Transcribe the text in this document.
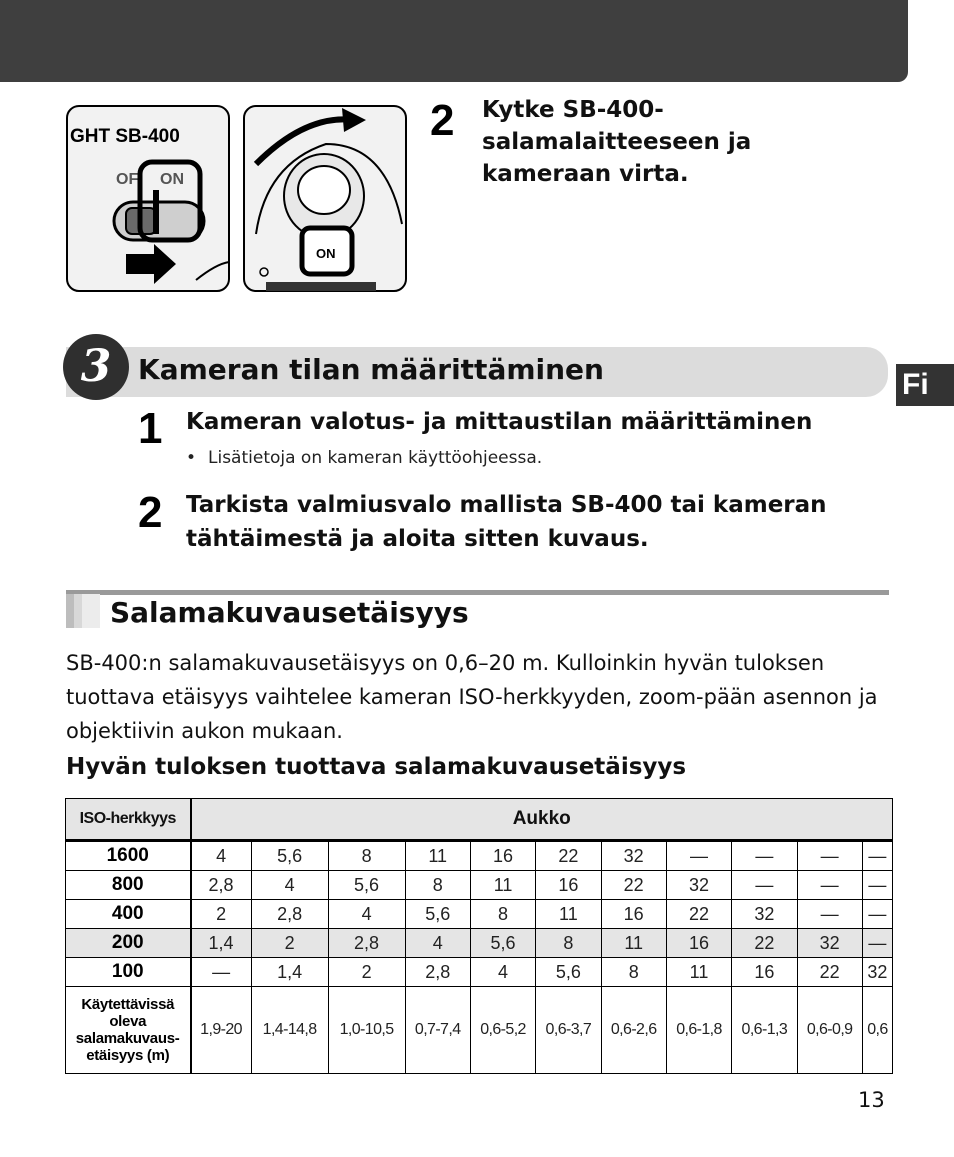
GHT SB-400
OF ON
ON
2 Kytke SB-400-salamalaitteeseen ja kameraan virta.
3 Kameran tilan määrittäminen	Fi
1 Kameran valotus- ja mittaustilan määrittäminen
• Lisätietoja on kameran käyttöohjeessa.
2 Tarkista valmiusvalo mallista SB-400 tai kameran tähtäimestä ja aloita sitten kuvaus.
Salamakuvausetäisyys
SB-400:n salamakuvausetäisyys on 0,6–20 m. Kulloinkin hyvän tuloksen tuottava etäisyys vaihtelee kameran ISO-herkkyyden, zoom-pään asennon ja objektiivin aukon mukaan.
Hyvän tuloksen tuottava salamakuvausetäisyys
ISO-herkkyys	Aukko										
1600	4	5,6	8	11	16	22	32	—	—	—	—
800	2,8	4	5,6	8	11	16	22	32	—	—	—
400	2	2,8	4	5,6	8	11	16	22	32	—	—
200	1,4	2	2,8	4	5,6	8	11	16	22	32	—
100	—	1,4	2	2,8	4	5,6	8	11	16	22	32
Käytettävissä oleva salamakuvausetäisyys (m)	1,9-20	1,4-14,8	1,0-10,5	0,7-7,4	0,6-5,2	0,6-3,7	0,6-2,6	0,6-1,8	0,6-1,3	0,6-0,9	0,6
13
